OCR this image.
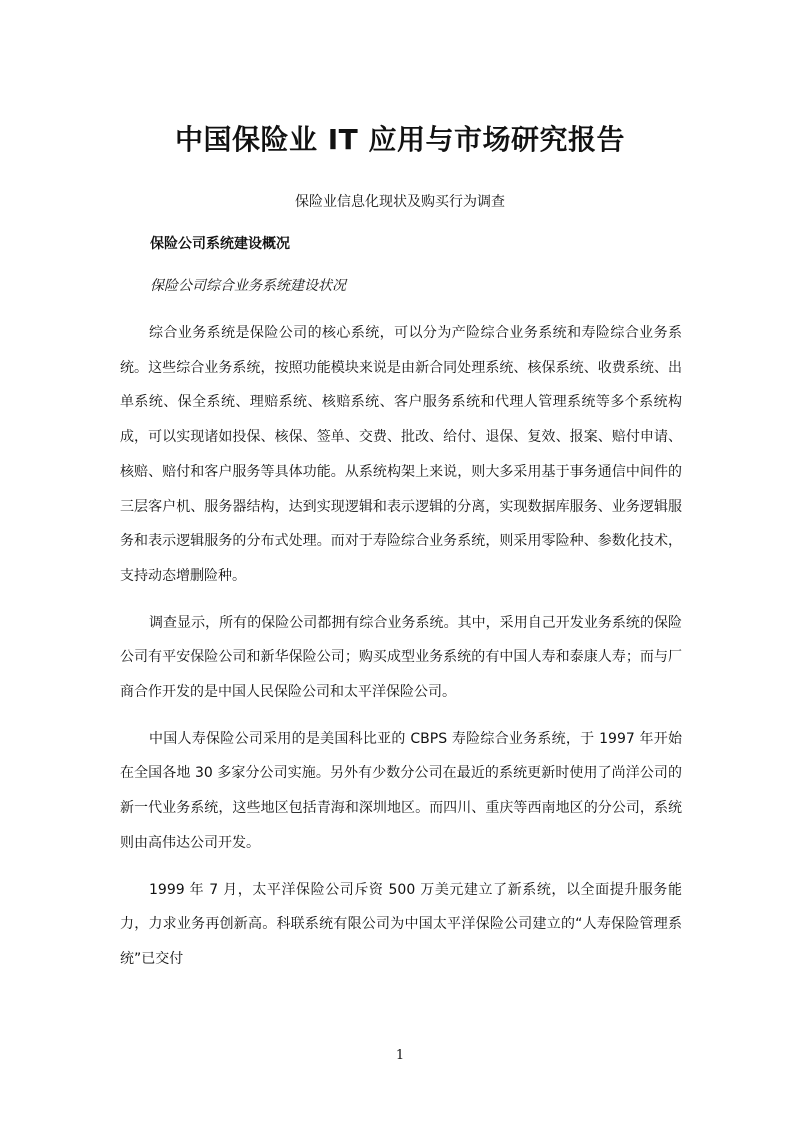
中国保险业 IT 应用与市场研究报告
保险业信息化现状及购买行为调查
保险公司系统建设概况
保险公司综合业务系统建设状况

综合业务系统是保险公司的核心系统，可以分为产险综合业务系统和寿险综合业务系统。这些综合业务系统，按照功能模块来说是由新合同处理系统、核保系统、收费系统、出单系统、保全系统、理赔系统、核赔系统、客户服务系统和代理人管理系统等多个系统构成，可以实现诸如投保、核保、签单、交费、批改、给付、退保、复效、报案、赔付申请、核赔、赔付和客户服务等具体功能。从系统构架上来说，则大多采用基于事务通信中间件的三层客户机、服务器结构，达到实现逻辑和表示逻辑的分离，实现数据库服务、业务逻辑服务和表示逻辑服务的分布式处理。而对于寿险综合业务系统，则采用零险种、参数化技术，支持动态增删险种。

调查显示，所有的保险公司都拥有综合业务系统。其中，采用自己开发业务系统的保险公司有平安保险公司和新华保险公司；购买成型业务系统的有中国人寿和泰康人寿；而与厂商合作开发的是中国人民保险公司和太平洋保险公司。

中国人寿保险公司采用的是美国科比亚的 CBPS 寿险综合业务系统，于 1997 年开始在全国各地 30 多家分公司实施。另外有少数分公司在最近的系统更新时使用了尚洋公司的新一代业务系统，这些地区包括青海和深圳地区。而四川、重庆等西南地区的分公司，系统则由高伟达公司开发。

1999 年 7 月，太平洋保险公司斥资 500 万美元建立了新系统，以全面提升服务能力，力求业务再创新高。科联系统有限公司为中国太平洋保险公司建立的“人寿保险管理系统”已交付

1
